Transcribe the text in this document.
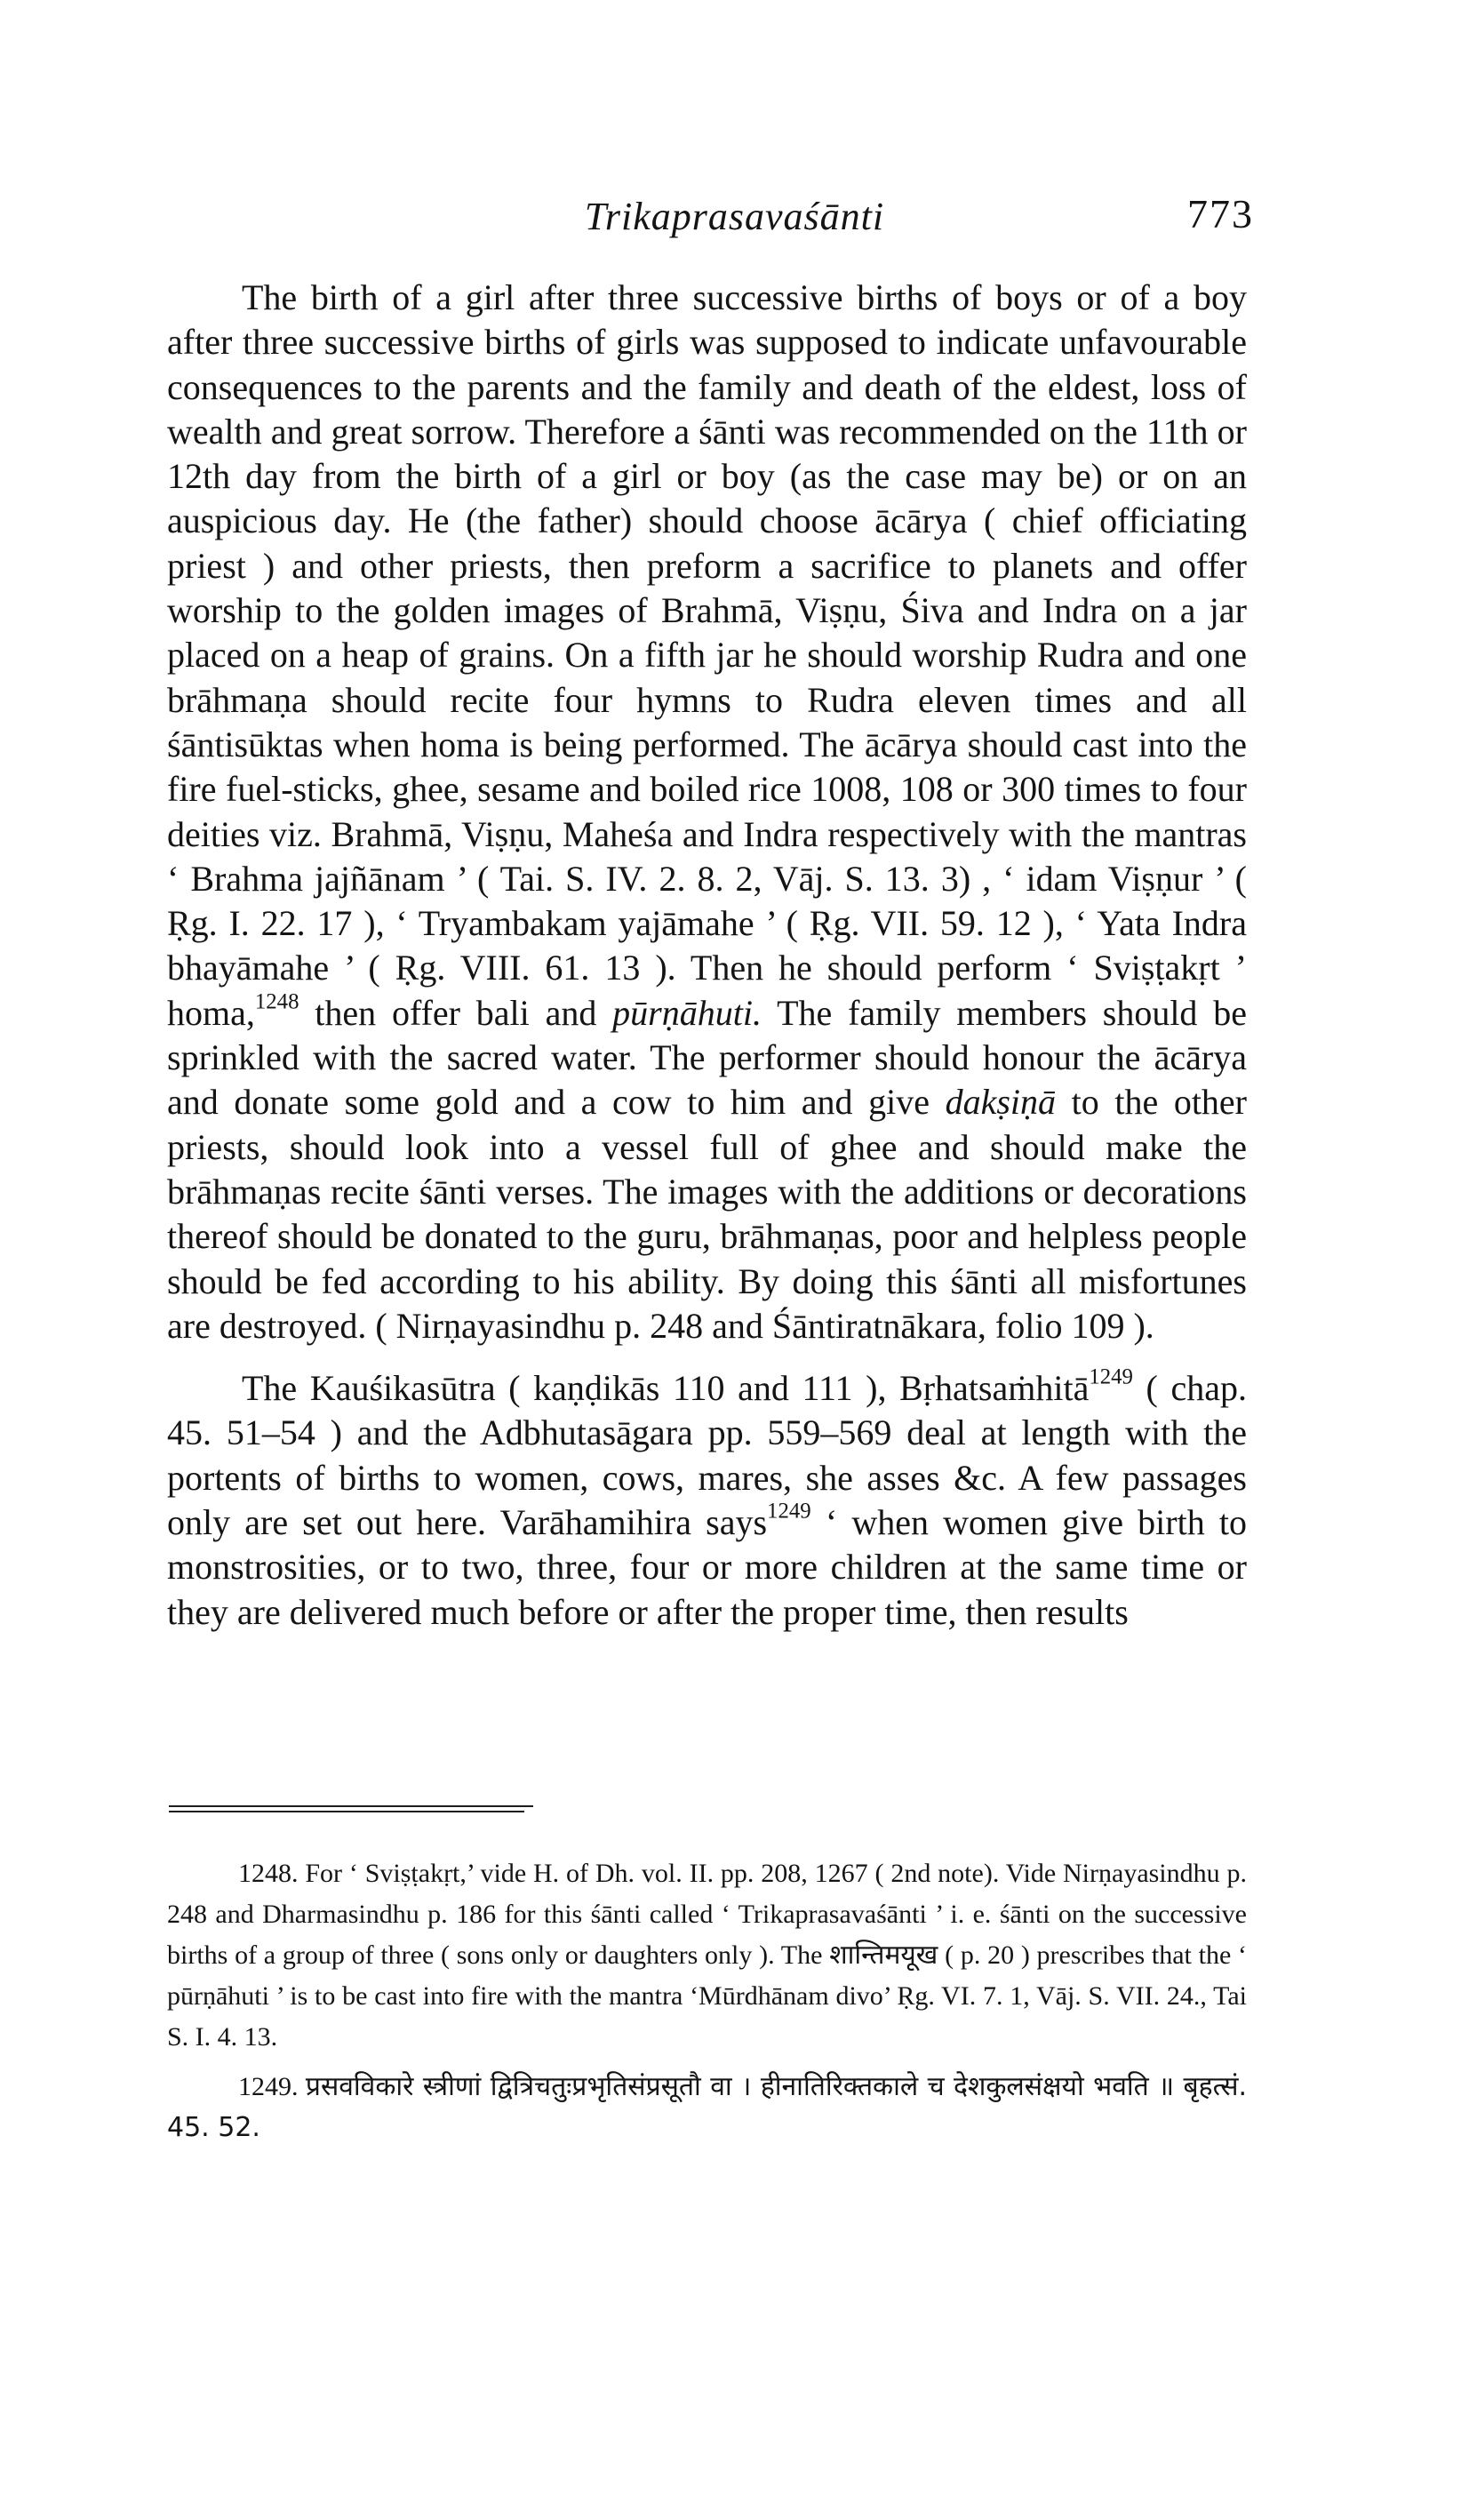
Trikaprasavaśānti	773

The birth of a girl after three successive births of boys or of a boy after three successive births of girls was supposed to indicate unfavourable consequences to the parents and the family and death of the eldest, loss of wealth and great sorrow. Therefore a śānti was recommended on the 11th or 12th day from the birth of a girl or boy (as the case may be) or on an auspicious day. He (the father) should choose ācārya ( chief officiating priest ) and other priests, then preform a sacrifice to planets and offer worship to the golden images of Brahmā, Viṣṇu, Śiva and Indra on a jar placed on a heap of grains. On a fifth jar he should worship Rudra and one brāhmaṇa should recite four hymns to Rudra eleven times and all śāntisūktas when homa is being performed. The ācārya should cast into the fire fuel-sticks, ghee, sesame and boiled rice 1008, 108 or 300 times to four deities viz. Brahmā, Viṣṇu, Maheśa and Indra respectively with the mantras ‘ Brahma jajñānam ’ ( Tai. S. IV. 2. 8. 2, Vāj. S. 13. 3) , ‘ idam Viṣṇur ’ ( Ṛg. I. 22. 17 ), ‘ Tryambakam yajāmahe ’ ( Ṛg. VII. 59. 12 ), ‘ Yata Indra bhayāmahe ’ ( Ṛg. VIII. 61. 13 ). Then he should perform ‘ Sviṣṭakṛt ’ homa,$^{1248}$ then offer bali and pūrṇāhuti. The family members should be sprinkled with the sacred water. The performer should honour the ācārya and donate some gold and a cow to him and give dakṣiṇā to the other priests, should look into a vessel full of ghee and should make the brāhmaṇas recite śānti verses. The images with the additions or decorations thereof should be donated to the guru, brāhmaṇas, poor and helpless people should be fed according to his ability. By doing this śānti all misfortunes are destroyed. ( Nirṇayasindhu p. 248 and Śāntiratnākara, folio 109 ).

The Kauśikasūtra ( kaṇḍikās 110 and 111 ), Bṛhatsaṁhitā$^{1249}$ ( chap. 45. 51–54 ) and the Adbhutasāgara pp. 559–569 deal at length with the portents of births to women, cows, mares, she asses &c. A few passages only are set out here. Varāhamihira says$^{1249}$ ‘ when women give birth to monstrosities, or to two, three, four or more children at the same time or they are delivered much before or after the proper time, then results

1248. For ‘ Sviṣṭakṛt,’ vide H. of Dh. vol. II. pp. 208, 1267 ( 2nd note). Vide Nirṇayasindhu p. 248 and Dharmasindhu p. 186 for this śānti called ‘ Trikaprasavaśānti ’ i. e. śānti on the successive births of a group of three ( sons only or daughters only ). The शान्तिमयूख ( p. 20 ) prescribes that the ‘ pūrṇāhuti ’ is to be cast into fire with the mantra ‘Mūrdhānam divo’ Ṛg. VI. 7. 1, Vāj. S. VII. 24., Tai S. I. 4. 13.

1249. प्रसवविकारे स्त्रीणां द्वित्रिचतुःप्रभृतिसंप्रसूतौ वा । हीनातिरिक्तकाले च देशकुलसंक्षयो भवति ॥ बृहत्सं. 45. 52.
